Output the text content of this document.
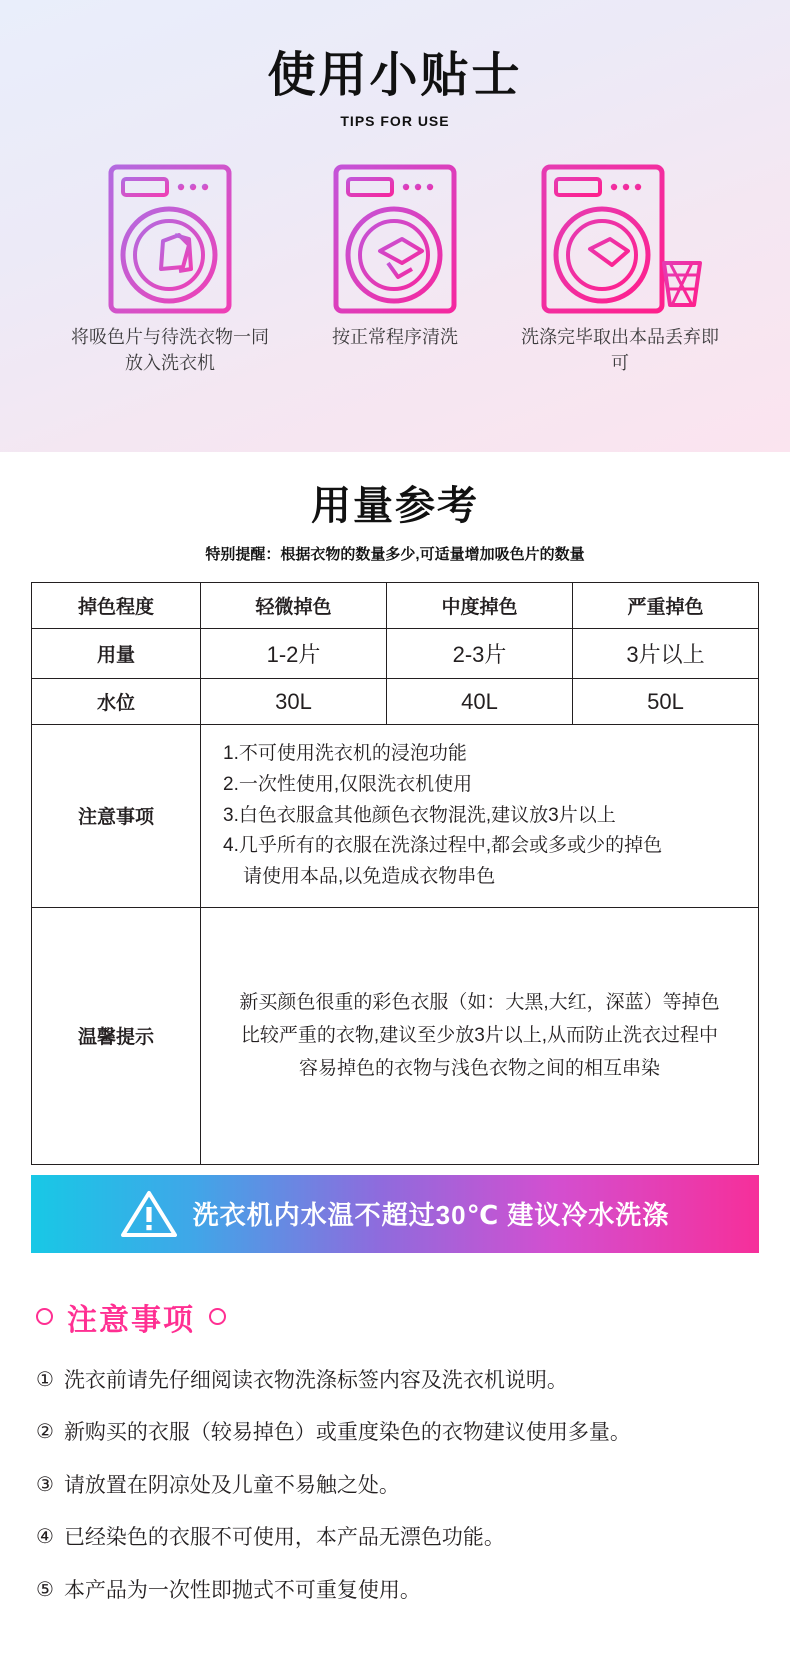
使用小贴士
TIPS FOR USE
将吸色片与待洗衣物一同放入洗衣机
按正常程序清洗	洗涤完毕取出本品丢弃即可
用量参考
特别提醒：根据衣物的数量多少,可适量增加吸色片的数量
掉色程度	轻微掉色	中度掉色	严重掉色
用量	1-2片	2-3片	3片以上
水位	30L	40L	50L
注意事项	1.不可使用洗衣机的浸泡功能
2.一次性使用,仅限洗衣机使用
3.白色衣服盒其他颜色衣物混洗,建议放3片以上
4.几乎所有的衣服在洗涤过程中,都会或多或少的掉色
请使用本品,以免造成衣物串色		

温馨提示	新买颜色很重的彩色衣服（如：大黑,大红，深蓝）等掉色
比较严重的衣物,建议至少放3片以上,从而防止洗衣过程中
容易掉色的衣物与浅色衣物之间的相互串染		
洗衣机内水温不超过30℃ 建议冷水洗涤
注意事项
① 洗衣前请先仔细阅读衣物洗涤标签内容及洗衣机说明。
② 新购买的衣服（较易掉色）或重度染色的衣物建议使用多量。
③ 请放置在阴凉处及儿童不易触之处。
④ 已经染色的衣服不可使用，本产品无漂色功能。
⑤ 本产品为一次性即抛式不可重复使用。
